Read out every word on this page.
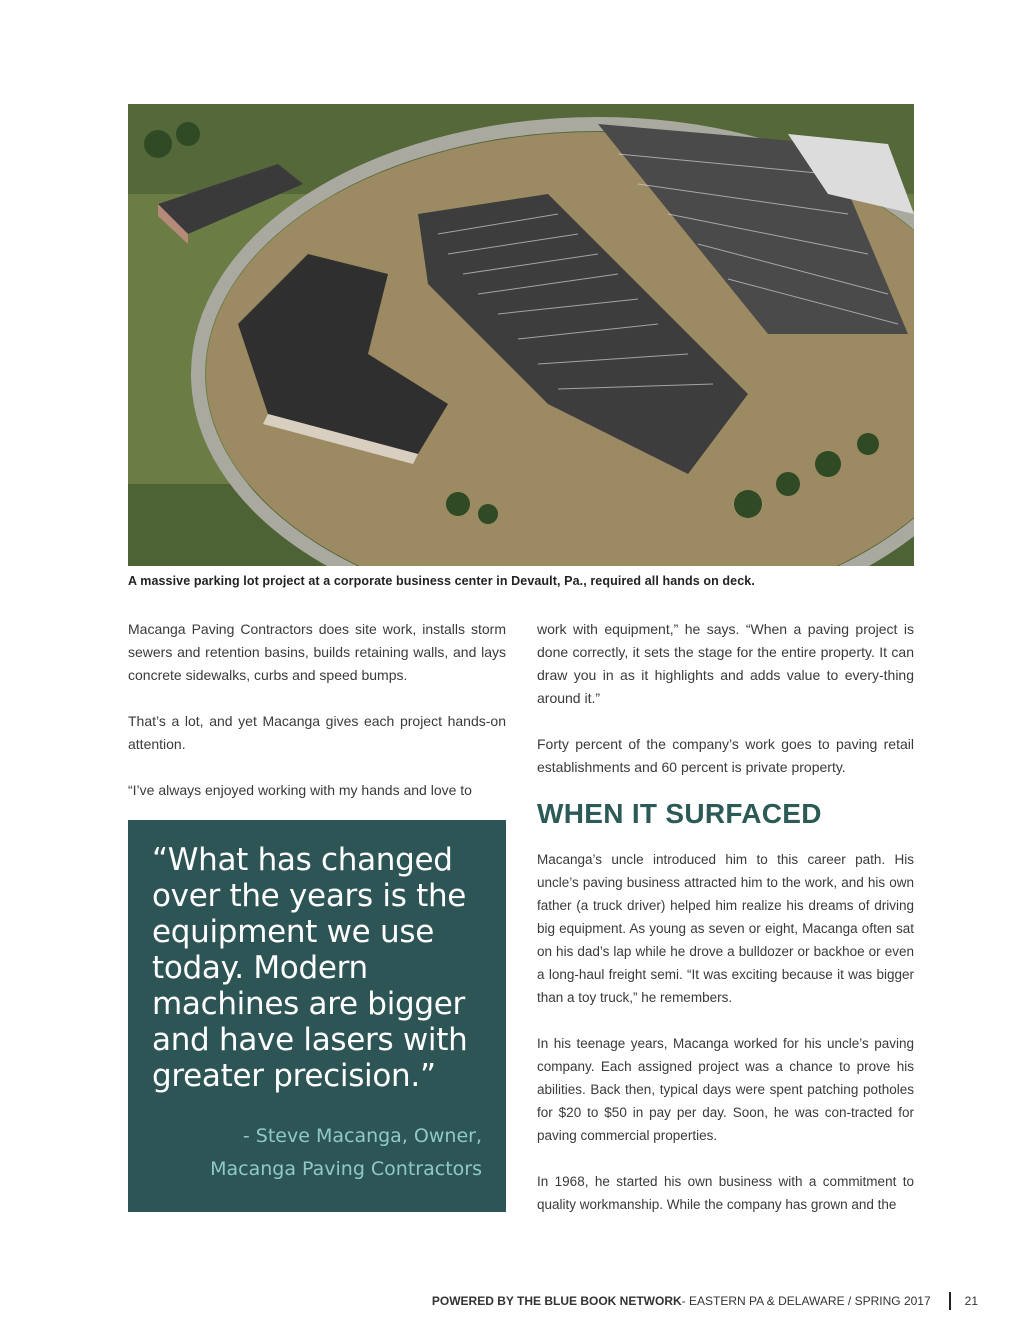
A massive parking lot project at a corporate business center in Devault, Pa., required all hands on deck.

Macanga Paving Contractors does site work, installs storm sewers and retention basins, builds retaining walls, and lays concrete sidewalks, curbs and speed bumps.

That’s a lot, and yet Macanga gives each project hands-on attention.

“I’ve always enjoyed working with my hands and love to

“What has changed over the years is the equipment we use today. Modern machines are bigger and have lasers with greater precision.”
- Steve Macanga, Owner,
Macanga Paving Contractors

work with equipment,” he says. “When a paving project is done correctly, it sets the stage for the entire property. It can draw you in as it highlights and adds value to every-thing around it.”

Forty percent of the company’s work goes to paving retail establishments and 60 percent is private property.

WHEN IT SURFACED

Macanga’s uncle introduced him to this career path. His uncle’s paving business attracted him to the work, and his own father (a truck driver) helped him realize his dreams of driving big equipment. As young as seven or eight, Macanga often sat on his dad’s lap while he drove a bulldozer or backhoe or even a long-haul freight semi. “It was exciting because it was bigger than a toy truck,” he remembers.

In his teenage years, Macanga worked for his uncle’s paving company. Each assigned project was a chance to prove his abilities. Back then, typical days were spent patching potholes for $20 to $50 in pay per day. Soon, he was con-tracted for paving commercial properties.

In 1968, he started his own business with a commitment to quality workmanship. While the company has grown and the

POWERED BY THE BLUE BOOK NETWORK - EASTERN PA & DELAWARE / SPRING 2017	21
